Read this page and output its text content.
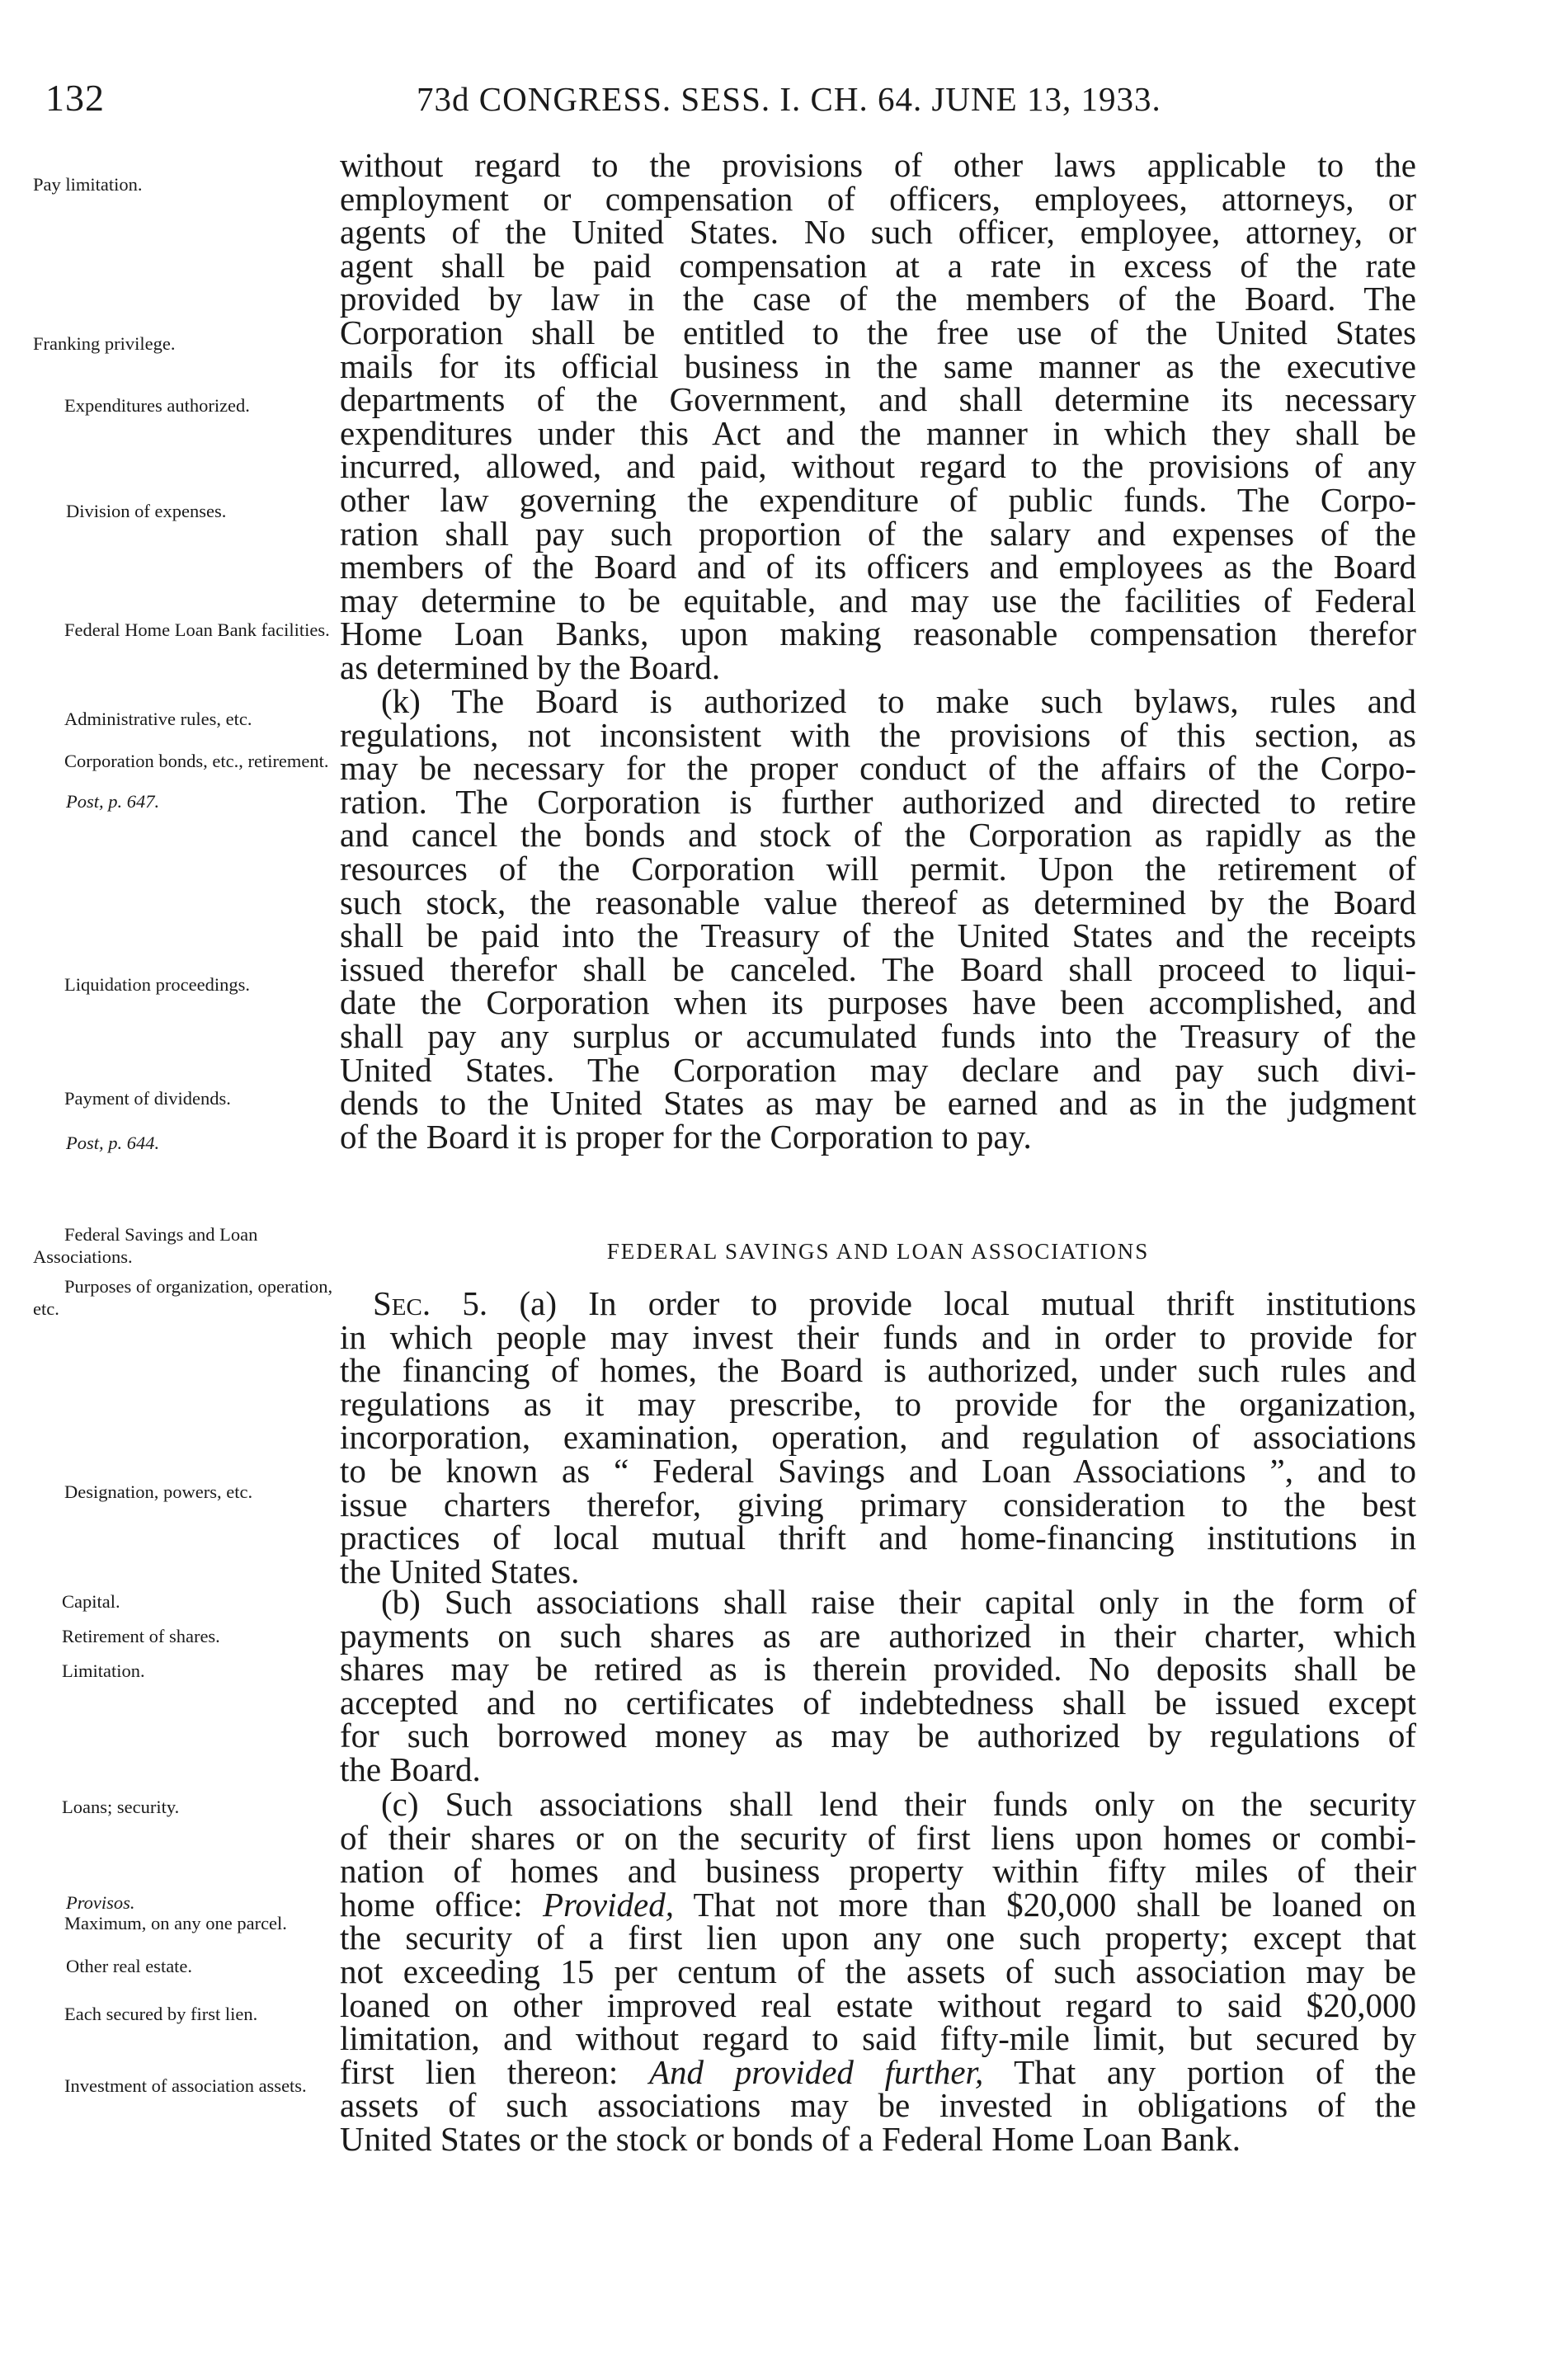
132	73d CONGRESS. SESS. I. CH. 64. JUNE 13, 1933.
Pay limitation.
Franking privilege.
Expenditures authorized.
Division of expenses.
Federal Home Loan Bank facilities.
Administrative rules, etc.
Corporation bonds, etc., retirement.
Post, p. 647.
Liquidation proceedings.
Payment of dividends.
Post, p. 644.
Federal Savings and Loan Associations.
Purposes of organization, operation, etc.
Designation, powers, etc.
Capital.
Retirement of shares.
Limitation.
Loans; security.
Provisos.
Maximum, on any one parcel.
Other real estate.
Each secured by first lien.
Investment of association assets.
without regard to the provisions of other laws applicable to the
employment or compensation of officers, employees, attorneys, or
agents of the United States. No such officer, employee, attorney, or
agent shall be paid compensation at a rate in excess of the rate
provided by law in the case of the members of the Board. The
Corporation shall be entitled to the free use of the United States
mails for its official business in the same manner as the executive
departments of the Government, and shall determine its necessary
expenditures under this Act and the manner in which they shall be
incurred, allowed, and paid, without regard to the provisions of any
other law governing the expenditure of public funds. The Corpo-
ration shall pay such proportion of the salary and expenses of the
members of the Board and of its officers and employees as the Board
may determine to be equitable, and may use the facilities of Federal
Home Loan Banks, upon making reasonable compensation therefor
as determined by the Board.
(k) The Board is authorized to make such bylaws, rules and
regulations, not inconsistent with the provisions of this section, as
may be necessary for the proper conduct of the affairs of the Corpo-
ration. The Corporation is further authorized and directed to retire
and cancel the bonds and stock of the Corporation as rapidly as the
resources of the Corporation will permit. Upon the retirement of
such stock, the reasonable value thereof as determined by the Board
shall be paid into the Treasury of the United States and the receipts
issued therefor shall be canceled. The Board shall proceed to liqui-
date the Corporation when its purposes have been accomplished, and
shall pay any surplus or accumulated funds into the Treasury of the
United States. The Corporation may declare and pay such divi-
dends to the United States as may be earned and as in the judgment
of the Board it is proper for the Corporation to pay.
FEDERAL SAVINGS AND LOAN ASSOCIATIONS
Sec. 5. (a) In order to provide local mutual thrift institutions
in which people may invest their funds and in order to provide for
the financing of homes, the Board is authorized, under such rules and
regulations as it may prescribe, to provide for the organization,
incorporation, examination, operation, and regulation of associations
to be known as “ Federal Savings and Loan Associations ”, and to
issue charters therefor, giving primary consideration to the best
practices of local mutual thrift and home-financing institutions in
the United States.
(b) Such associations shall raise their capital only in the form of
payments on such shares as are authorized in their charter, which
shares may be retired as is therein provided. No deposits shall be
accepted and no certificates of indebtedness shall be issued except
for such borrowed money as may be authorized by regulations of
the Board.
(c) Such associations shall lend their funds only on the security
of their shares or on the security of first liens upon homes or combi-
nation of homes and business property within fifty miles of their
home office: Provided, That not more than $20,000 shall be loaned on
the security of a first lien upon any one such property; except that
not exceeding 15 per centum of the assets of such association may be
loaned on other improved real estate without regard to said $20,000
limitation, and without regard to said fifty-mile limit, but secured by
first lien thereon: And provided further, That any portion of the
assets of such associations may be invested in obligations of the
United States or the stock or bonds of a Federal Home Loan Bank.
